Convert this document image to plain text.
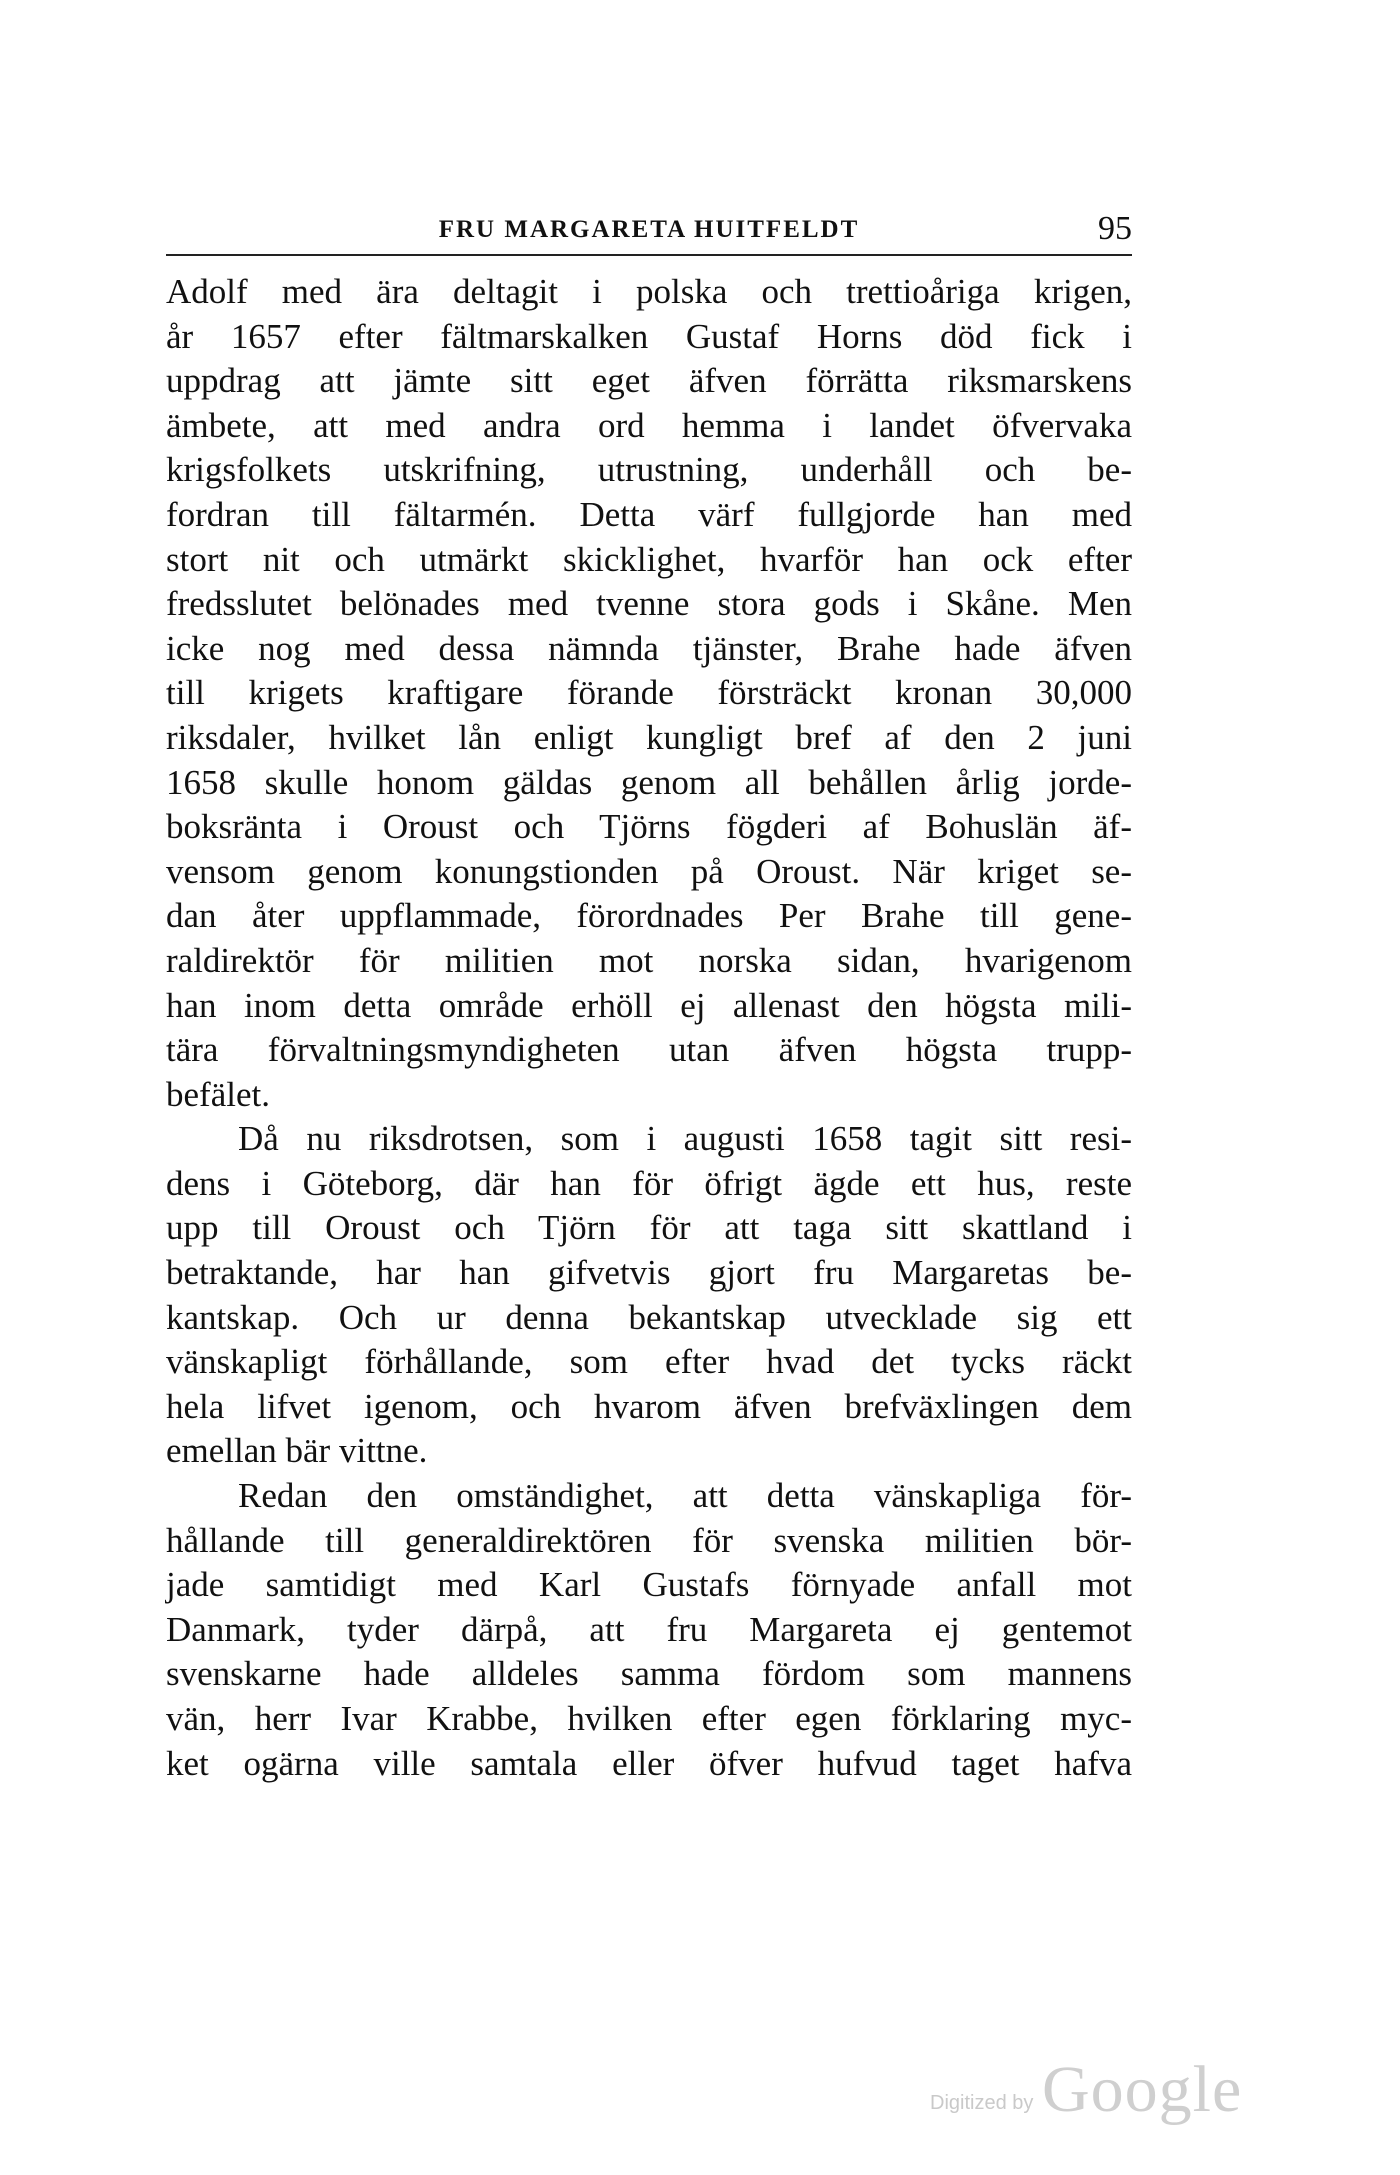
FRU MARGARETA HUITFELDT	95
Adolf med ära deltagit i polska och trettioåriga krigen,
år 1657 efter fältmarskalken Gustaf Horns död fick i
uppdrag att jämte sitt eget äfven förrätta riksmarskens
ämbete, att med andra ord hemma i landet öfvervaka
krigsfolkets utskrifning, utrustning, underhåll och be-
fordran till fältarmén. Detta värf fullgjorde han med
stort nit och utmärkt skicklighet, hvarför han ock efter
fredsslutet belönades med tvenne stora gods i Skåne. Men
icke nog med dessa nämnda tjänster, Brahe hade äfven
till krigets kraftigare förande försträckt kronan 30,000
riksdaler, hvilket lån enligt kungligt bref af den 2 juni
1658 skulle honom gäldas genom all behållen årlig jorde-
boksränta i Oroust och Tjörns fögderi af Bohuslän äf-
vensom genom konungstionden på Oroust. När kriget se-
dan åter uppflammade, förordnades Per Brahe till gene-
raldirektör för militien mot norska sidan, hvarigenom
han inom detta område erhöll ej allenast den högsta mili-
tära förvaltningsmyndigheten utan äfven högsta trupp-
befälet.
Då nu riksdrotsen, som i augusti 1658 tagit sitt resi-
dens i Göteborg, där han för öfrigt ägde ett hus, reste
upp till Oroust och Tjörn för att taga sitt skattland i
betraktande, har han gifvetvis gjort fru Margaretas be-
kantskap. Och ur denna bekantskap utvecklade sig ett
vänskapligt förhållande, som efter hvad det tycks räckt
hela lifvet igenom, och hvarom äfven brefväxlingen dem
emellan bär vittne.
Redan den omständighet, att detta vänskapliga för-
hållande till generaldirektören för svenska militien bör-
jade samtidigt med Karl Gustafs förnyade anfall mot
Danmark, tyder därpå, att fru Margareta ej gentemot
svenskarne hade alldeles samma fördom som mannens
vän, herr Ivar Krabbe, hvilken efter egen förklaring myc-
ket ogärna ville samtala eller öfver hufvud taget hafva
Digitized by Google
